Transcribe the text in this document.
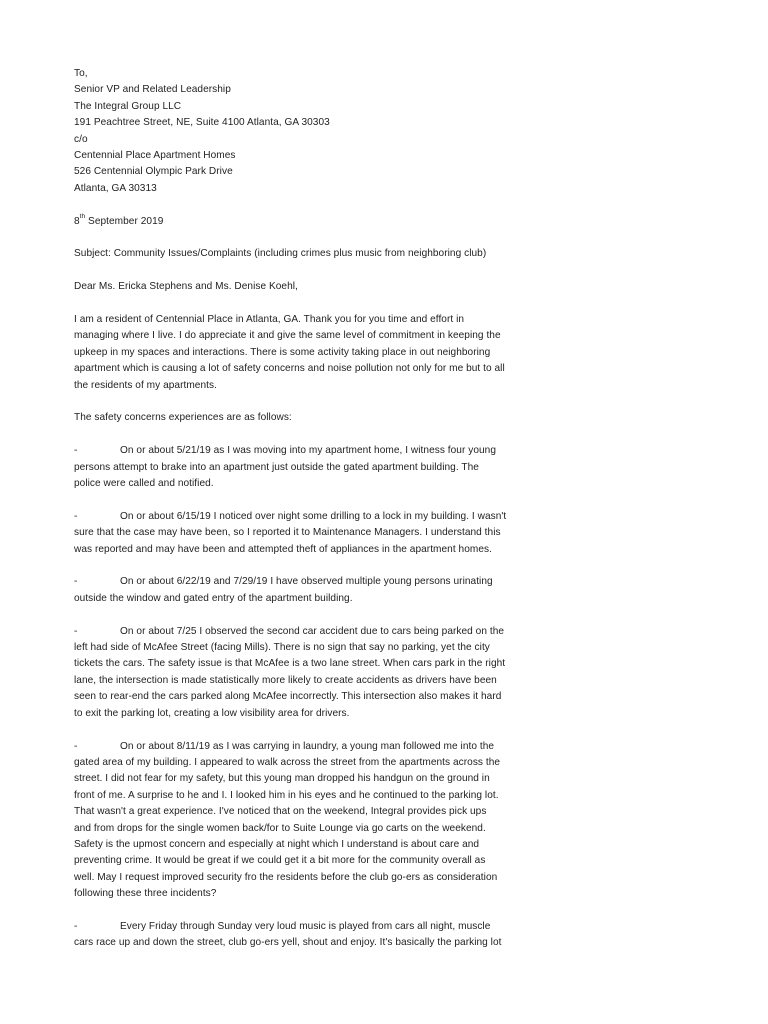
To,
Senior VP and Related Leadership
The Integral Group LLC
191 Peachtree Street, NE, Suite 4100 Atlanta, GA 30303
c/o
Centennial Place Apartment Homes
526 Centennial Olympic Park Drive
Atlanta, GA 30313
8th September 2019
Subject: Community Issues/Complaints (including crimes plus music from neighboring club)
Dear Ms. Ericka Stephens and Ms. Denise Koehl,
I am a resident of Centennial Place in Atlanta, GA. Thank you for you time and effort in
managing where I live. I do appreciate it and give the same level of commitment in keeping the
upkeep in my spaces and interactions. There is some activity taking place in out neighboring
apartment which is causing a lot of safety concerns and noise pollution not only for me but to all
the residents of my apartments.
The safety concerns experiences are as follows:
-	On or about 5/21/19 as I was moving into my apartment home, I witness four young
persons attempt to brake into an apartment just outside the gated apartment building. The
police were called and notified.
-	On or about 6/15/19 I noticed over night some drilling to a lock in my building. I wasn't
sure that the case may have been, so I reported it to Maintenance Managers. I understand this
was reported and may have been and attempted theft of appliances in the apartment homes.
-	On or about 6/22/19 and 7/29/19 I have observed multiple young persons urinating
outside the window and gated entry of the apartment building.
-	On or about 7/25 I observed the second car accident due to cars being parked on the
left had side of McAfee Street (facing Mills). There is no sign that say no parking, yet the city
tickets the cars. The safety issue is that McAfee is a two lane street. When cars park in the right
lane, the intersection is made statistically more likely to create accidents as drivers have been
seen to rear-end the cars parked along McAfee incorrectly. This intersection also makes it hard
to exit the parking lot, creating a low visibility area for drivers.
-	On or about 8/11/19 as I was carrying in laundry, a young man followed me into the
gated area of my building. I appeared to walk across the street from the apartments across the
street. I did not fear for my safety, but this young man dropped his handgun on the ground in
front of me. A surprise to he and I. I looked him in his eyes and he continued to the parking lot.
That wasn't a great experience. I've noticed that on the weekend, Integral provides pick ups
and from drops for the single women back/for to Suite Lounge via go carts on the weekend.
Safety is the upmost concern and especially at night which I understand is about care and
preventing crime. It would be great if we could get it a bit more for the community overall as
well. May I request improved security fro the residents before the club go-ers as consideration
following these three incidents?
-	Every Friday through Sunday very loud music is played from cars all night, muscle
cars race up and down the street, club go-ers yell, shout and enjoy. It's basically the parking lot
